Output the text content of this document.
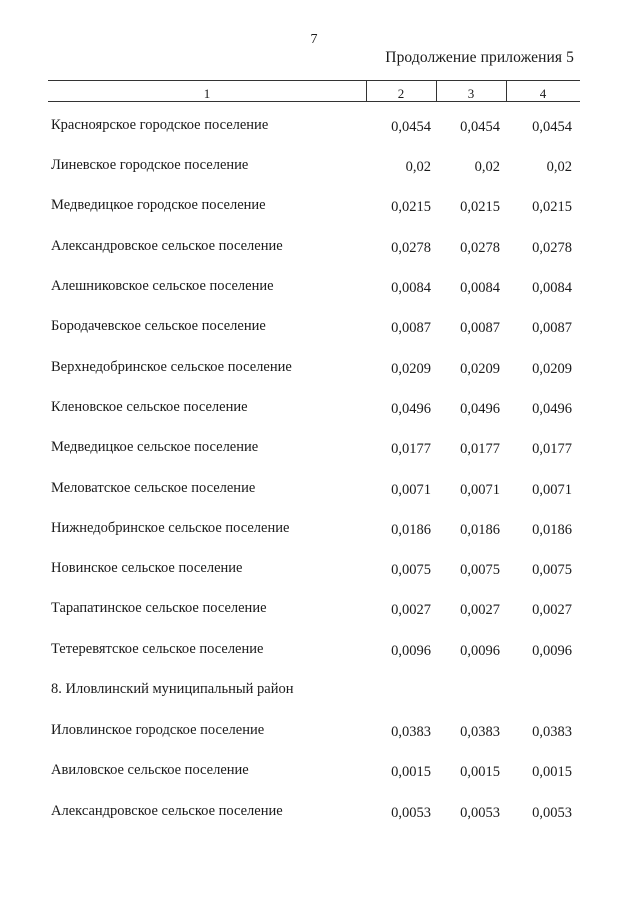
7
Продолжение приложения 5
1	2	3	4
Красноярское городское поселение	0,0454 0,0454 0,0454
Линевское городское поселение	0,02	0,02	0,02
Медведицкое городское поселение	0,0215 0,0215 0,0215
Александровское сельское поселение	0,0278 0,0278 0,0278
Алешниковское сельское поселение	0,0084 0,0084 0,0084
Бородачевское сельское поселение	0,0087 0,0087 0,0087
Верхнедобринское сельское поселение	0,0209 0,0209 0,0209
Кленовское сельское поселение	0,0496 0,0496 0,0496
Медведицкое сельское поселение	0,0177 0,0177 0,0177
Меловатское сельское поселение	0,0071 0,0071 0,0071
Нижнедобринское сельское поселение	0,0186 0,0186 0,0186
Новинское сельское поселение	0,0075 0,0075 0,0075
Тарапатинское сельское поселение	0,0027 0,0027 0,0027
Тетеревятское сельское поселение	0,0096 0,0096 0,0096
8. Иловлинский муниципальный район
Иловлинское городское поселение	0,0383 0,0383 0,0383
Авиловское сельское поселение	0,0015 0,0015 0,0015
Александровское сельское поселение	0,0053 0,0053 0,0053
